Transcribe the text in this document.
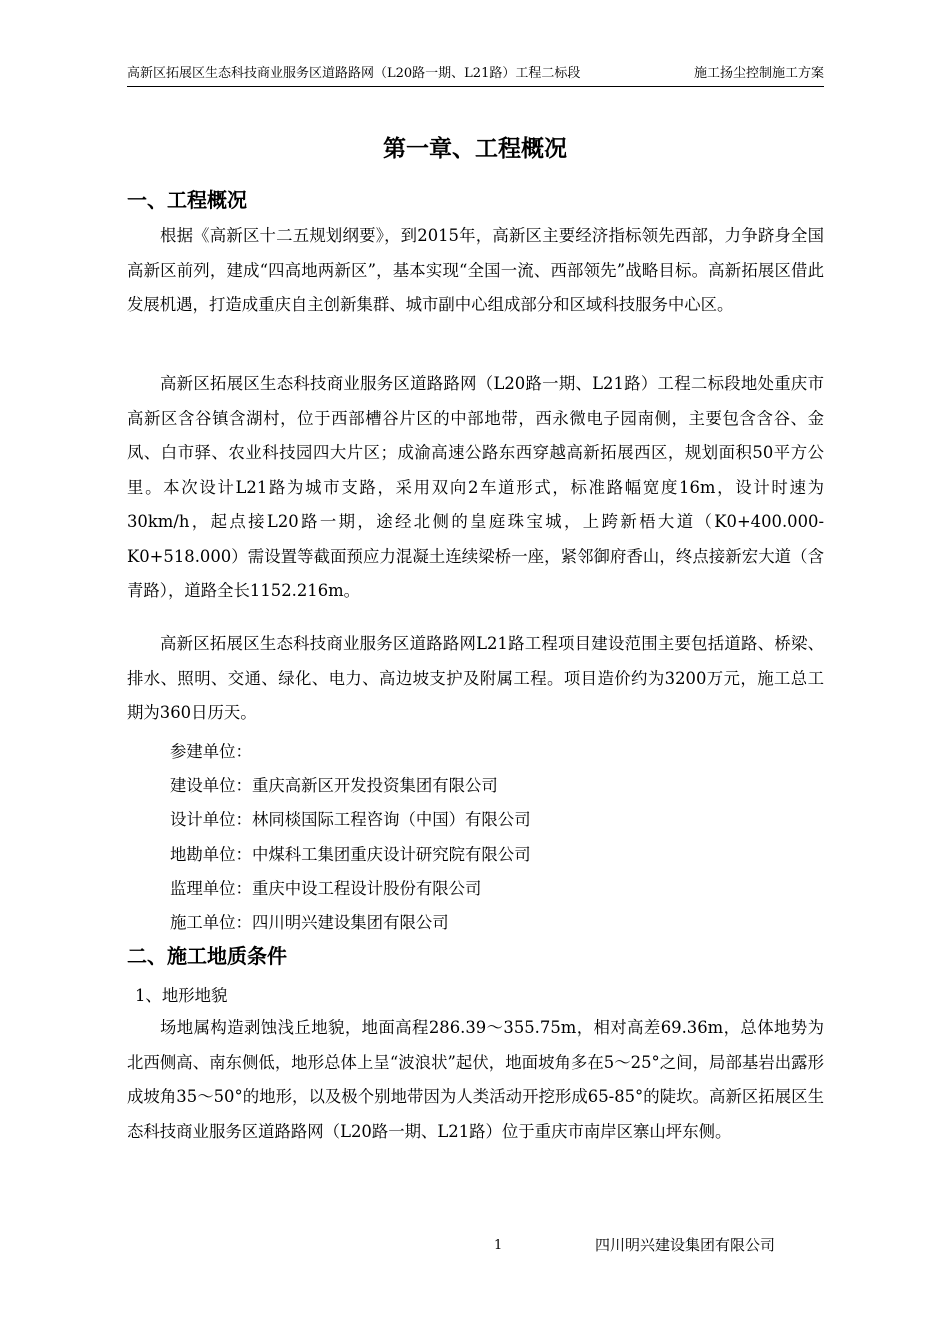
高新区拓展区生态科技商业服务区道路路网（L20路一期、L21路）工程二标段	施工扬尘控制施工方案
第一章、工程概况
一、工程概况

根据《高新区十二五规划纲要》，到2015年，高新区主要经济指标领先西部，力争跻身全国高新区前列，建成“四高地两新区”，基本实现“全国一流、西部领先”战略目标。高新拓展区借此发展机遇，打造成重庆自主创新集群、城市副中心组成部分和区域科技服务中心区。

高新区拓展区生态科技商业服务区道路路网（L20路一期、L21路）工程二标段地处重庆市高新区含谷镇含湖村，位于西部槽谷片区的中部地带，西永微电子园南侧，主要包含含谷、金凤、白市驿、农业科技园四大片区；成渝高速公路东西穿越高新拓展西区，规划面积50平方公里。本次设计L21路为城市支路，采用双向2车道形式，标准路幅宽度16m，设计时速为30km/h，起点接L20路一期，途经北侧的皇庭珠宝城，上跨新梧大道（K0+400.000-K0+518.000）需设置等截面预应力混凝土连续梁桥一座，紧邻御府香山，终点接新宏大道（含青路），道路全长1152.216m。

高新区拓展区生态科技商业服务区道路路网L21路工程项目建设范围主要包括道路、桥梁、排水、照明、交通、绿化、电力、高边坡支护及附属工程。项目造价约为3200万元，施工总工期为360日历天。

参建单位：
建设单位：重庆高新区开发投资集团有限公司
设计单位：林同棪国际工程咨询（中国）有限公司
地勘单位：中煤科工集团重庆设计研究院有限公司
监理单位：重庆中设工程设计股份有限公司
施工单位：四川明兴建设集团有限公司
二、施工地质条件
1、地形地貌

场地属构造剥蚀浅丘地貌，地面高程286.39～355.75m，相对高差69.36m，总体地势为北西侧高、南东侧低，地形总体上呈“波浪状”起伏，地面坡角多在5～25°之间，局部基岩出露形成坡角35～50°的地形，以及极个别地带因为人类活动开挖形成65-85°的陡坎。高新区拓展区生态科技商业服务区道路路网（L20路一期、L21路）位于重庆市南岸区寨山坪东侧。

1	四川明兴建设集团有限公司
